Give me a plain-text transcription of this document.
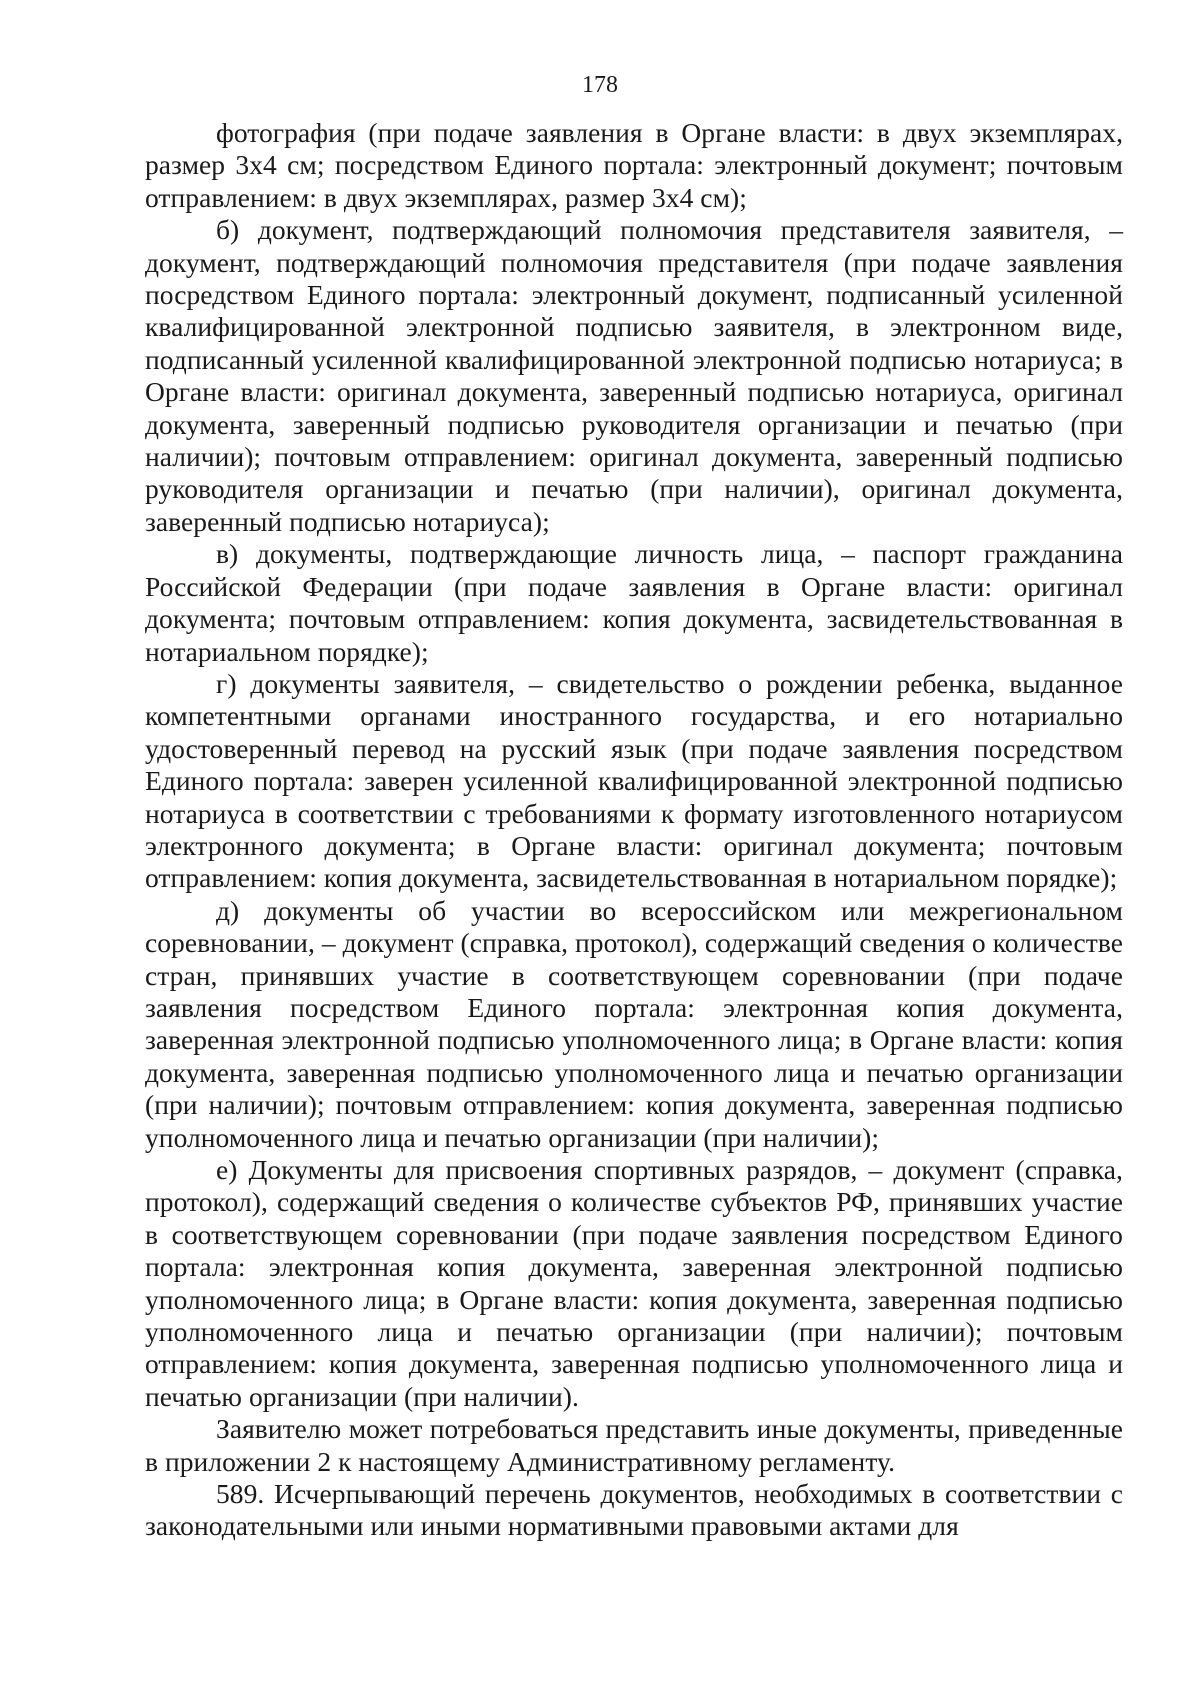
178

фотография (при подаче заявления в Органе власти: в двух экземплярах, размер 3х4 см; посредством Единого портала: электронный документ; почтовым отправлением: в двух экземплярах, размер 3х4 см);

б) документ, подтверждающий полномочия представителя заявителя, – документ, подтверждающий полномочия представителя (при подаче заявления посредством Единого портала: электронный документ, подписанный усиленной квалифицированной электронной подписью заявителя, в электронном виде, подписанный усиленной квалифицированной электронной подписью нотариуса; в Органе власти: оригинал документа, заверенный подписью нотариуса, оригинал документа, заверенный подписью руководителя организации и печатью (при наличии); почтовым отправлением: оригинал документа, заверенный подписью руководителя организации и печатью (при наличии), оригинал документа, заверенный подписью нотариуса);

в) документы, подтверждающие личность лица, – паспорт гражданина Российской Федерации (при подаче заявления в Органе власти: оригинал документа; почтовым отправлением: копия документа, засвидетельствованная в нотариальном порядке);

г) документы заявителя, – свидетельство о рождении ребенка, выданное компетентными органами иностранного государства, и его нотариально удостоверенный перевод на русский язык (при подаче заявления посредством Единого портала: заверен усиленной квалифицированной электронной подписью нотариуса в соответствии с требованиями к формату изготовленного нотариусом электронного документа; в Органе власти: оригинал документа; почтовым отправлением: копия документа, засвидетельствованная в нотариальном порядке);

д) документы об участии во всероссийском или межрегиональном соревновании, – документ (справка, протокол), содержащий сведения о количестве стран, принявших участие в соответствующем соревновании (при подаче заявления посредством Единого портала: электронная копия документа, заверенная электронной подписью уполномоченного лица; в Органе власти: копия документа, заверенная подписью уполномоченного лица и печатью организации (при наличии); почтовым отправлением: копия документа, заверенная подписью уполномоченного лица и печатью организации (при наличии);

е) Документы для присвоения спортивных разрядов, – документ (справка, протокол), содержащий сведения о количестве субъектов РФ, принявших участие в соответствующем соревновании (при подаче заявления посредством Единого портала: электронная копия документа, заверенная электронной подписью уполномоченного лица; в Органе власти: копия документа, заверенная подписью уполномоченного лица и печатью организации (при наличии); почтовым отправлением: копия документа, заверенная подписью уполномоченного лица и печатью организации (при наличии).

Заявителю может потребоваться представить иные документы, приведенные в приложении 2 к настоящему Административному регламенту.

589. Исчерпывающий перечень документов, необходимых в соответствии с законодательными или иными нормативными правовыми актами для
